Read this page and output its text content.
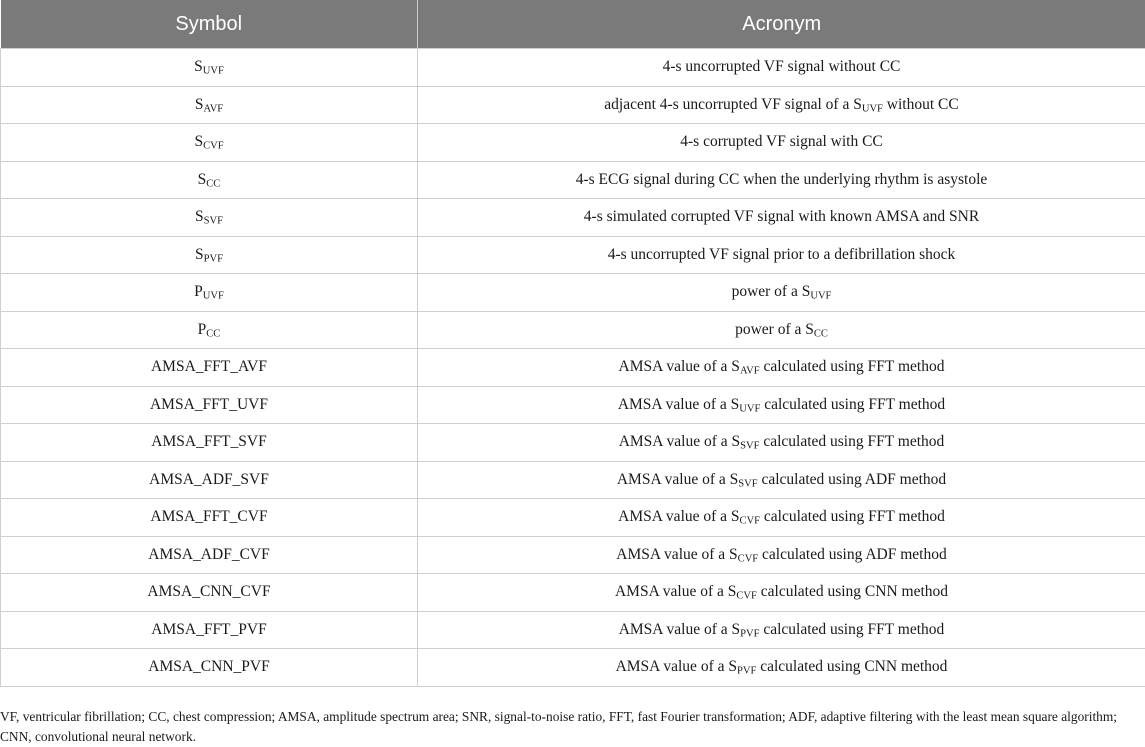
Symbol	Acronym
$S_{UVF}$	4-s uncorrupted VF signal without CC
$S_{AVF}$	adjacent 4-s uncorrupted VF signal of a $S_{UVF}$ without CC
$S_{CVF}$	4-s corrupted VF signal with CC
$S_{CC}$	4-s ECG signal during CC when the underlying rhythm is asystole
$S_{SVF}$	4-s simulated corrupted VF signal with known AMSA and SNR
$S_{PVF}$	4-s uncorrupted VF signal prior to a defibrillation shock
$P_{UVF}$	power of a $S_{UVF}$
$P_{CC}$	power of a $S_{CC}$
AMSA_FFT_AVF	AMSA value of a $S_{AVF}$ calculated using FFT method
AMSA_FFT_UVF	AMSA value of a $S_{UVF}$ calculated using FFT method
AMSA_FFT_SVF	AMSA value of a $S_{SVF}$ calculated using FFT method
AMSA_ADF_SVF	AMSA value of a $S_{SVF}$ calculated using ADF method
AMSA_FFT_CVF	AMSA value of a $S_{CVF}$ calculated using FFT method
AMSA_ADF_CVF	AMSA value of a $S_{CVF}$ calculated using ADF method
AMSA_CNN_CVF	AMSA value of a $S_{CVF}$ calculated using CNN method
AMSA_FFT_PVF	AMSA value of a $S_{PVF}$ calculated using FFT method
AMSA_CNN_PVF	AMSA value of a $S_{PVF}$ calculated using CNN method
VF, ventricular fibrillation; CC, chest compression; AMSA, amplitude spectrum area; SNR, signal-to-noise ratio, FFT, fast Fourier transformation; ADF, adaptive filtering with the least mean square algorithm; CNN, convolutional neural network.
